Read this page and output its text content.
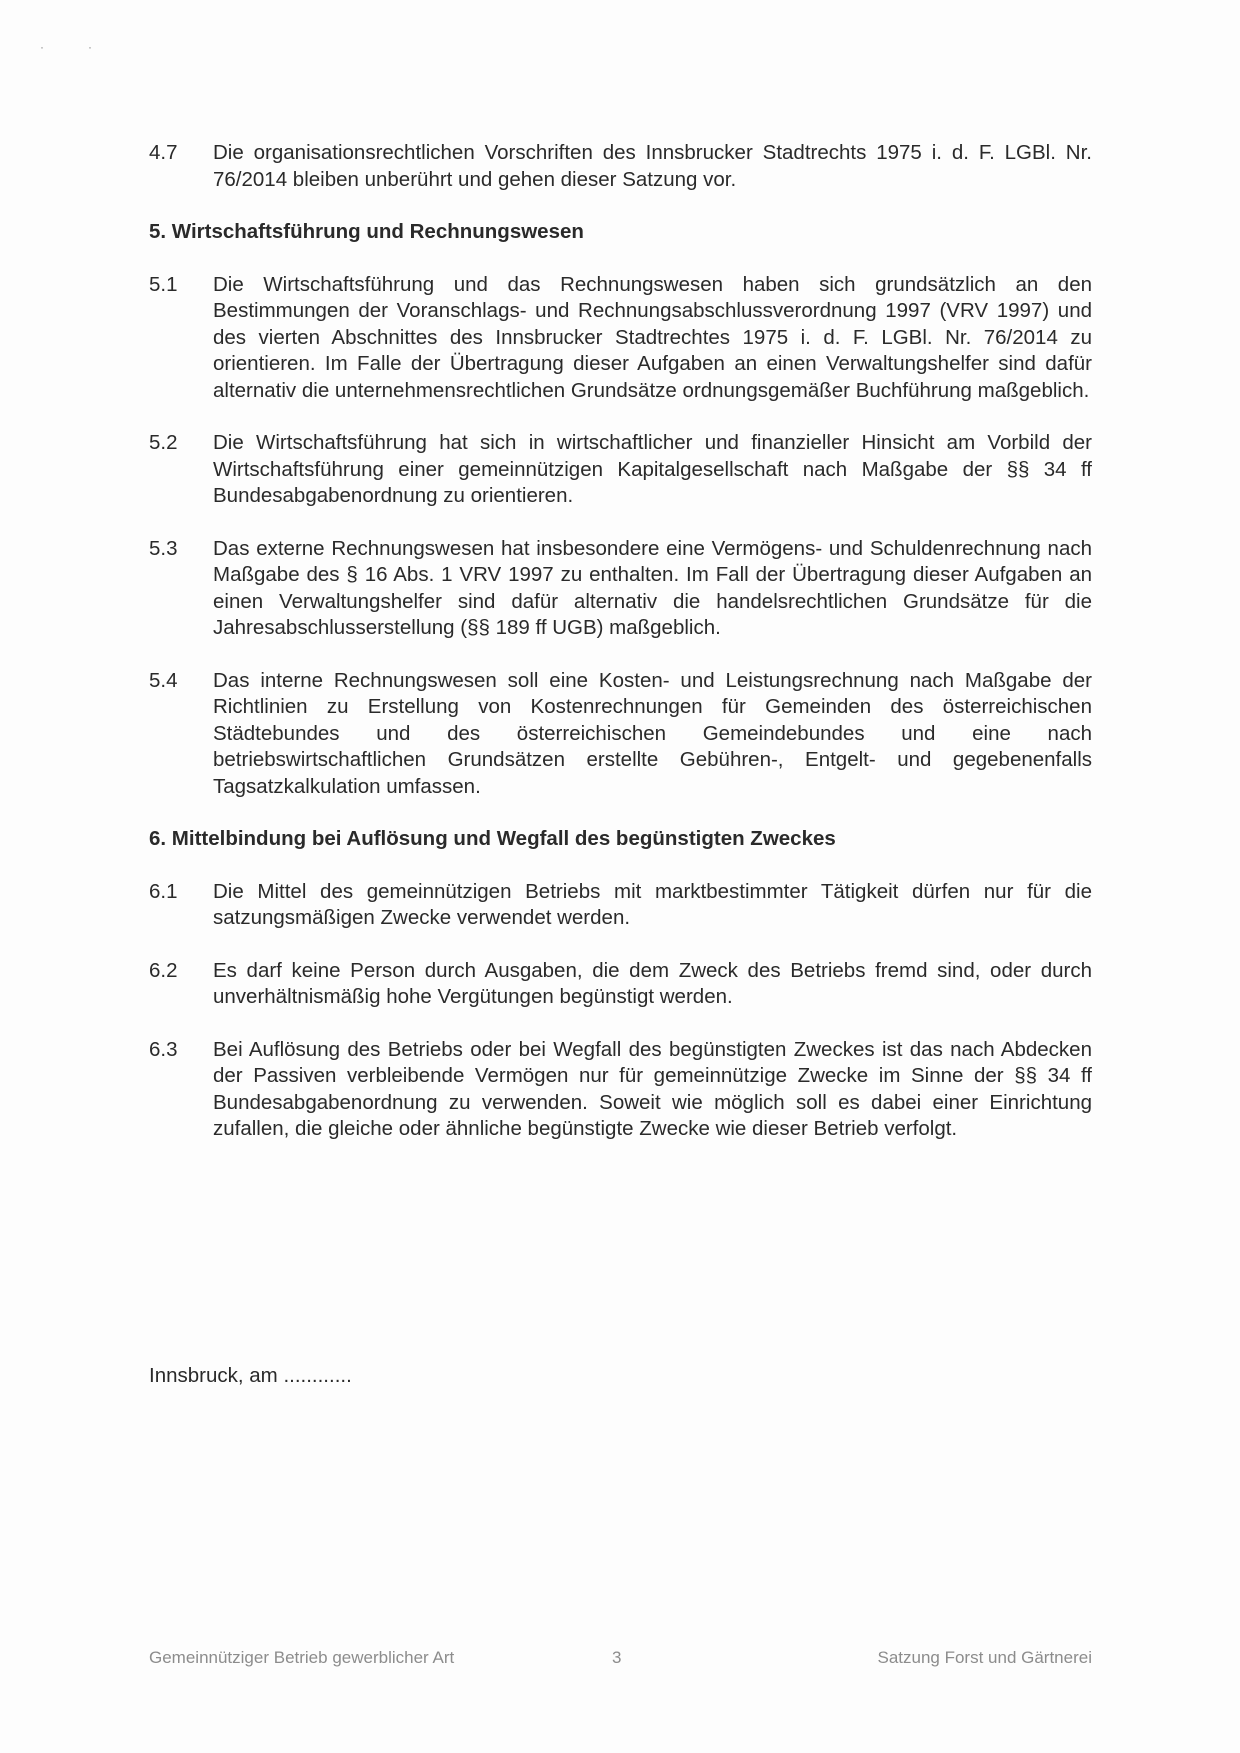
··
4.7	Die organisationsrechtlichen Vorschriften des Innsbrucker Stadtrechts 1975 i. d. F. LGBl. Nr. 76/2014 bleiben unberührt und gehen dieser Satzung vor.
5. Wirtschaftsführung und Rechnungswesen
5.1	Die Wirtschaftsführung und das Rechnungswesen haben sich grundsätzlich an den Bestimmungen der Voranschlags- und Rechnungsabschlussverordnung 1997 (VRV 1997) und des vierten Abschnittes des Innsbrucker Stadtrechtes 1975 i. d. F. LGBl. Nr. 76/2014 zu orientieren. Im Falle der Übertragung dieser Aufgaben an einen Verwaltungshelfer sind dafür alternativ die unternehmensrechtlichen Grundsätze ordnungsgemäßer Buchführung maßgeblich.
5.2	Die Wirtschaftsführung hat sich in wirtschaftlicher und finanzieller Hinsicht am Vorbild der Wirtschaftsführung einer gemeinnützigen Kapitalgesellschaft nach Maßgabe der §§ 34 ff Bundesabgabenordnung zu orientieren.
5.3	Das externe Rechnungswesen hat insbesondere eine Vermögens- und Schuldenrechnung nach Maßgabe des § 16 Abs. 1 VRV 1997 zu enthalten. Im Fall der Übertragung dieser Aufgaben an einen Verwaltungshelfer sind dafür alternativ die handelsrechtlichen Grundsätze für die Jahresabschlusserstellung (§§ 189 ff UGB) maßgeblich.
5.4	Das interne Rechnungswesen soll eine Kosten- und Leistungsrechnung nach Maßgabe der Richtlinien zu Erstellung von Kostenrechnungen für Gemeinden des österreichischen Städtebundes und des österreichischen Gemeindebundes und eine nach betriebswirtschaftlichen Grundsätzen erstellte Gebühren-, Entgelt- und gegebenenfalls Tagsatzkalkulation umfassen.
6. Mittelbindung bei Auflösung und Wegfall des begünstigten Zweckes
6.1	Die Mittel des gemeinnützigen Betriebs mit marktbestimmter Tätigkeit dürfen nur für die satzungsmäßigen Zwecke verwendet werden.
6.2	Es darf keine Person durch Ausgaben, die dem Zweck des Betriebs fremd sind, oder durch unverhältnismäßig hohe Vergütungen begünstigt werden.
6.3	Bei Auflösung des Betriebs oder bei Wegfall des begünstigten Zweckes ist das nach Abdecken der Passiven verbleibende Vermögen nur für gemeinnützige Zwecke im Sinne der §§ 34 ff Bundesabgabenordnung zu verwenden. Soweit wie möglich soll es dabei einer Einrichtung zufallen, die gleiche oder ähnliche begünstigte Zwecke wie dieser Betrieb verfolgt.
Innsbruck, am ............
Gemeinnütziger Betrieb gewerblicher Art	3	Satzung Forst und Gärtnerei
